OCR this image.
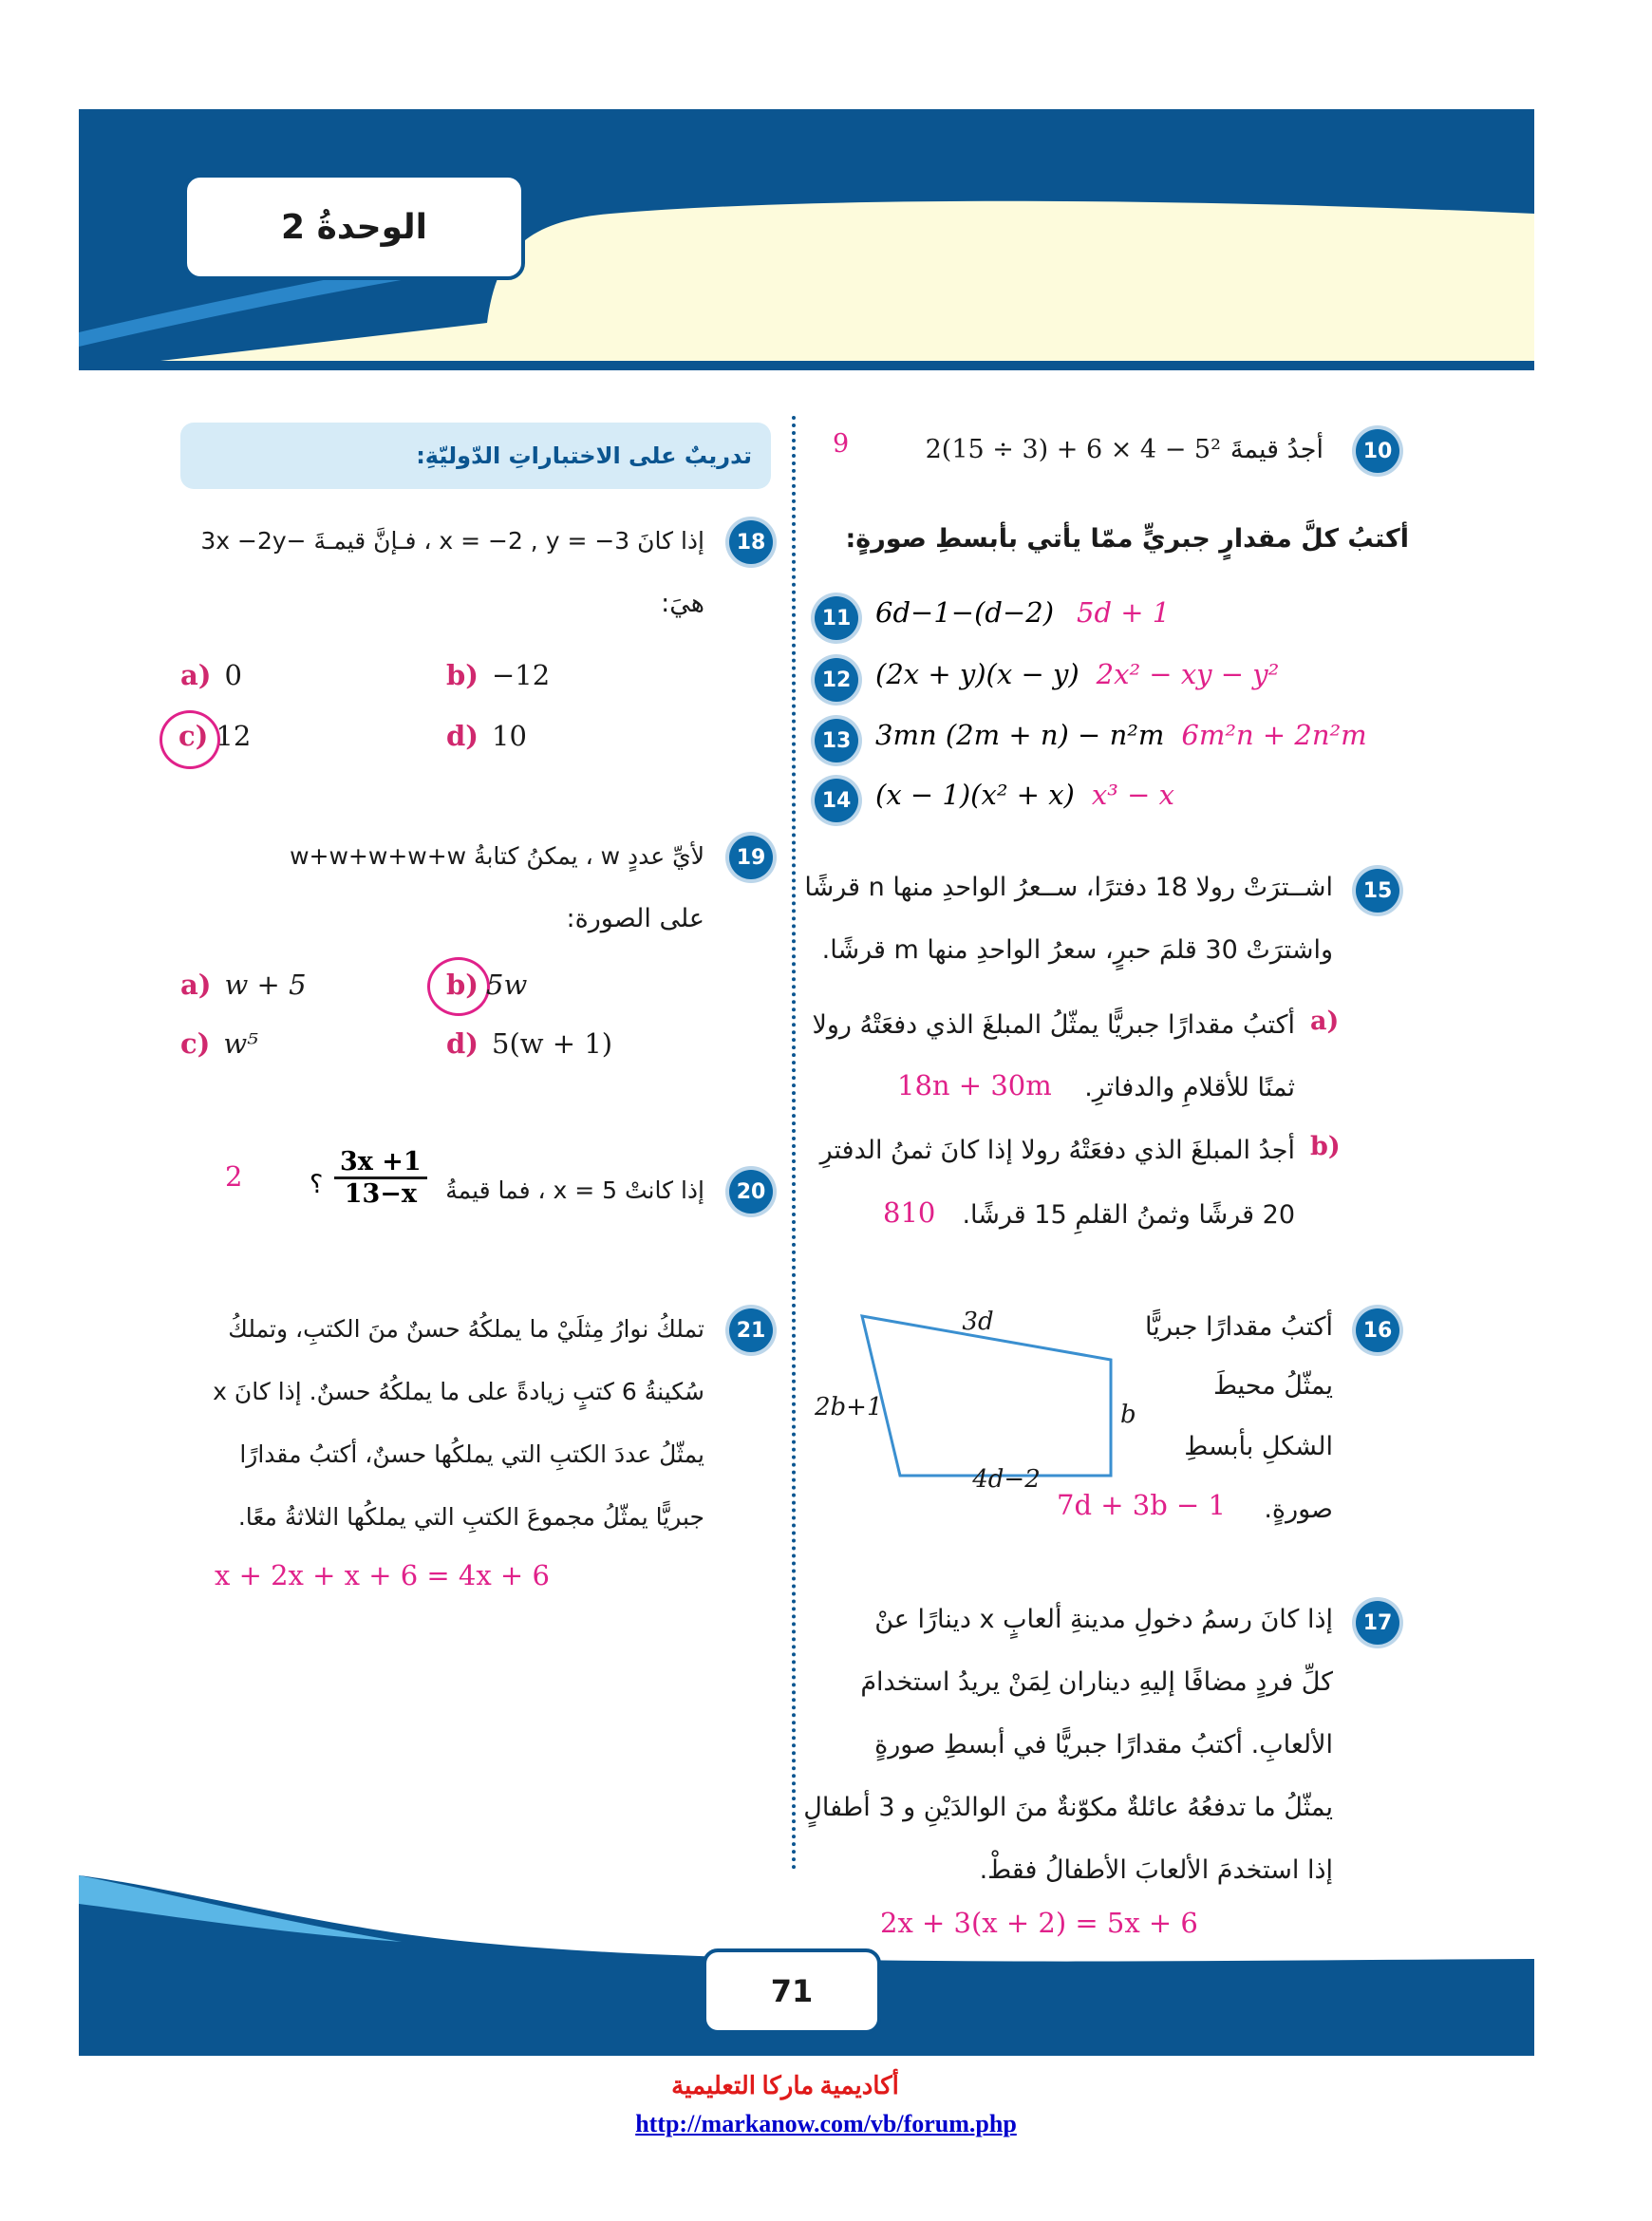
الوحدةُ 2
10
أجدُ قيمةَ
2(15 ÷ 3) + 6 × 4 − 5²
9
أكتبُ كلَّ مقدارٍ جبريٍّ ممّا يأتي بأبسطِ صورةٍ:
11 6d−1−(d−2) 5d + 1
12 (2x + y)(x − y) 2x² − xy − y²
13 3mn (2m + n) − n²m 6m²n + 2n²m
14 (x − 1)(x² + x) x³ − x
15
اشــترَتْ رولا 18 دفترًا، ســعرُ الواحدِ منها n قرشًا
واشترَتْ 30 قلمَ حبرٍ، سعرُ الواحدِ منها m قرشًا.
a)
أكتبُ مقدارًا جبريًّا يمثّلُ المبلغَ الذي دفعَتْهُ رولا
ثمنًا للأقلامِ والدفاترِ.
18n + 30m
b)
أجدُ المبلغَ الذي دفعَتْهُ رولا إذا كانَ ثمنُ الدفترِ
20 قرشًا وثمنُ القلمِ 15 قرشًا.
810
16
أكتبُ مقدارًا جبريًّا
يمثّلُ محيطَ
الشكلِ بأبسطِ
صورةٍ.
7d + 3b − 1
3d
2b+1	b
4d−2
17
إذا كانَ رسمُ دخولِ مدينةِ ألعابٍ x دينارًا عنْ
كلِّ فردٍ مضافًا إليهِ ديناران لِمَنْ يريدُ استخدامَ
الألعابِ. أكتبُ مقدارًا جبريًّا في أبسطِ صورةٍ
يمثّلُ ما تدفعُهُ عائلةٌ مكوّنةٌ منَ الوالدَيْنِ و 3 أطفالٍ
إذا استخدمَ الألعابَ الأطفالُ فقطْ.
2x + 3(x + 2) = 5x + 6
تدريبٌ على الاختباراتِ الدّوليّةِ:
18
إذا كانَ x = −2 , y = −3 ، فـإنَّ قيمـةَ −3x −2y
هيَ:
a) 0	b) −12
c) 12	d) 10
19
لأيِّ عددٍ w ، يمكنُ كتابةُ w+w+w+w+w
على الصورة:
a) w + 5	b) 5w
c) w⁵	d) 5(w + 1)
20
إذا كانتْ x = 5 ، فما قيمةُ
$\frac{3x +1}{13-x}$
؟
2
21
تملكُ نوارُ مِثلَيْ ما يملكُهُ حسنٌ منَ الكتبِ، وتملكُ
سُكينةُ 6 كتبٍ زيادةً على ما يملكُهُ حسنٌ. إذا كانَ x
يمثّلُ عددَ الكتبِ التي يملكُها حسنٌ، أكتبُ مقدارًا
جبريًّا يمثّلُ مجموعَ الكتبِ التي يملكُها الثلاثةُ معًا.
x + 2x + x + 6 = 4x + 6
71
أكاديمية ماركا التعليمية
http://markanow.com/vb/forum.php
